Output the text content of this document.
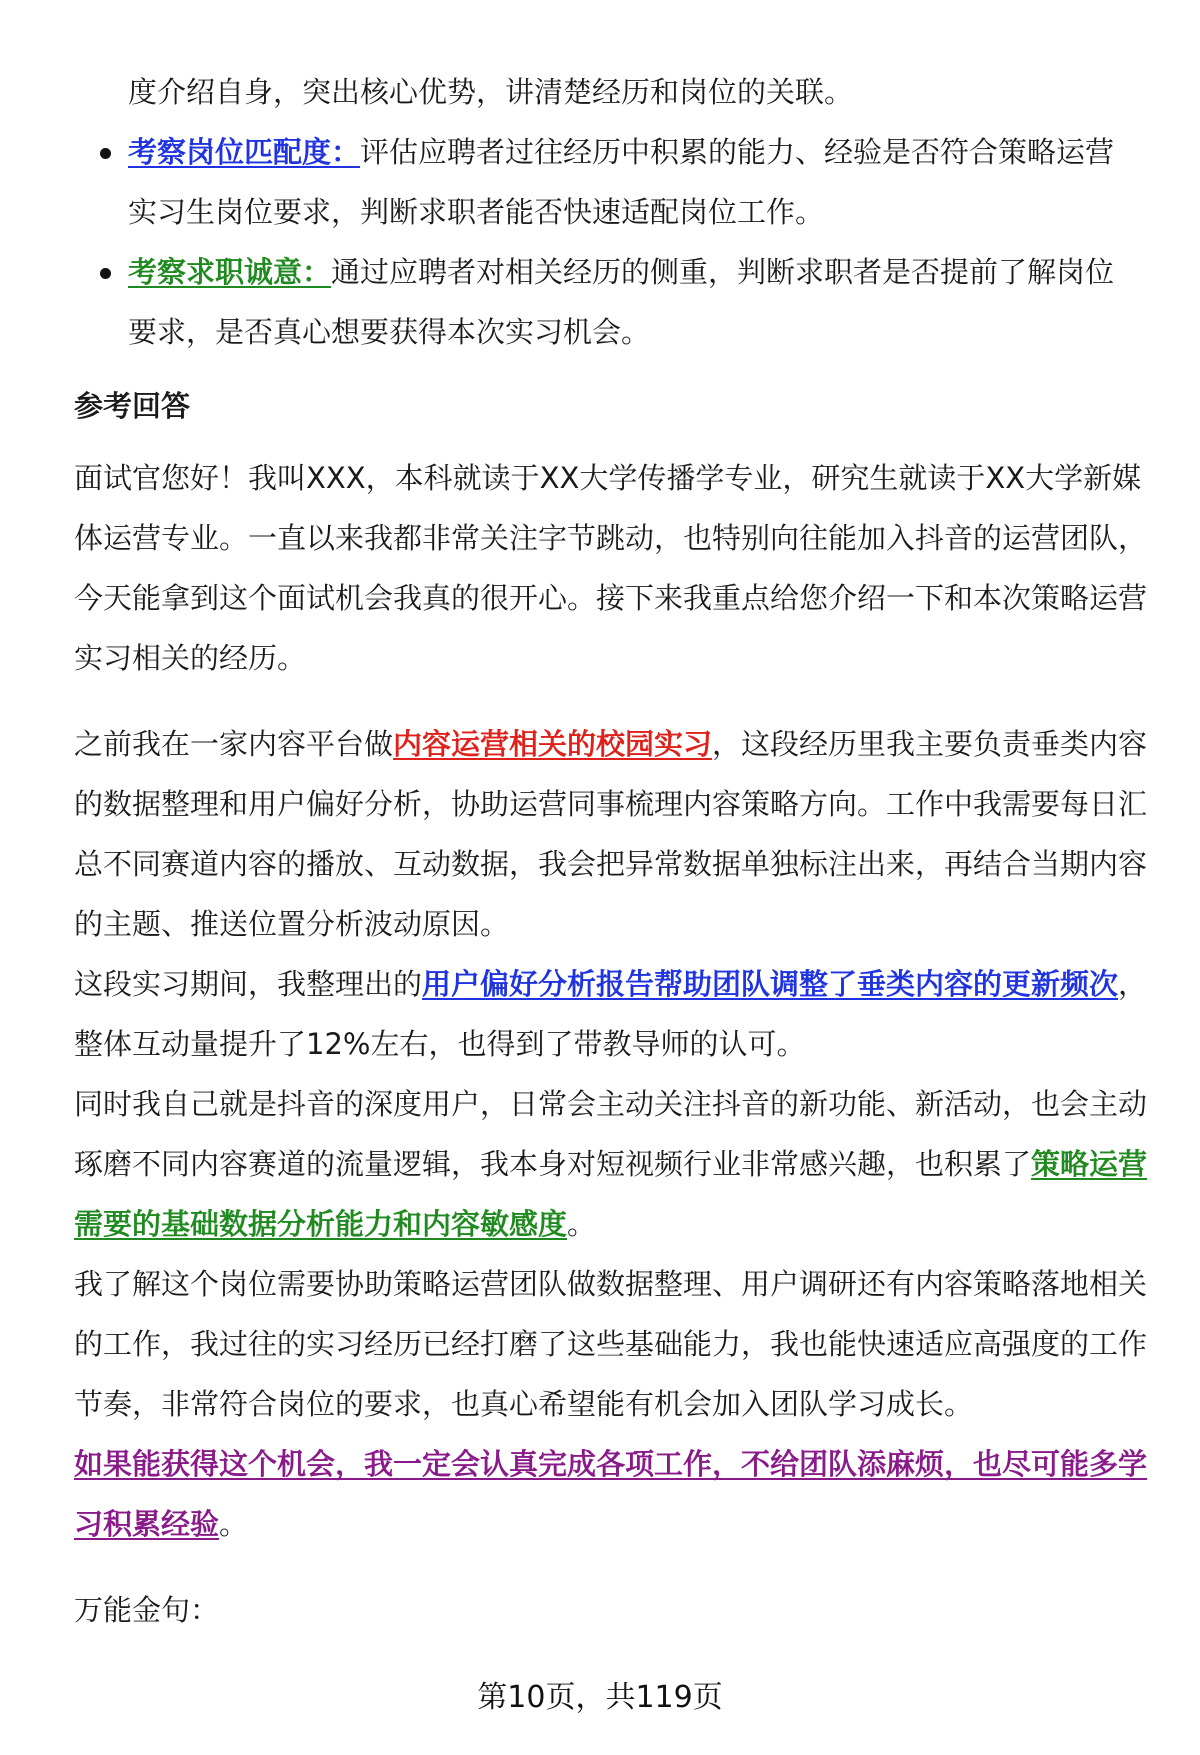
度介绍自身，突出核心优势，讲清楚经历和岗位的关联。

考察岗位匹配度：评估应聘者过往经历中积累的能力、经验是否符合策略运营
实习生岗位要求，判断求职者能否快速适配岗位工作。
考察求职诚意：通过应聘者对相关经历的侧重，判断求职者是否提前了解岗位
要求，是否真心想要获得本次实习机会。

参考回答

面试官您好！我叫XXX，本科就读于XX大学传播学专业，研究生就读于XX大学新媒体运营专业。一直以来我都非常关注字节跳动，也特别向往能加入抖音的运营团队，今天能拿到这个面试机会我真的很开心。接下来我重点给您介绍一下和本次策略运营实习相关的经历。

之前我在一家内容平台做内容运营相关的校园实习，这段经历里我主要负责垂类内容的数据整理和用户偏好分析，协助运营同事梳理内容策略方向。工作中我需要每日汇总不同赛道内容的播放、互动数据，我会把异常数据单独标注出来，再结合当期内容的主题、推送位置分析波动原因。

这段实习期间，我整理出的用户偏好分析报告帮助团队调整了垂类内容的更新频次，整体互动量提升了12%左右，也得到了带教导师的认可。

同时我自己就是抖音的深度用户，日常会主动关注抖音的新功能、新活动，也会主动琢磨不同内容赛道的流量逻辑，我本身对短视频行业非常感兴趣，也积累了策略运营需要的基础数据分析能力和内容敏感度。

我了解这个岗位需要协助策略运营团队做数据整理、用户调研还有内容策略落地相关的工作，我过往的实习经历已经打磨了这些基础能力，我也能快速适应高强度的工作节奏，非常符合岗位的要求，也真心希望能有机会加入团队学习成长。

如果能获得这个机会，我一定会认真完成各项工作，不给团队添麻烦，也尽可能多学习积累经验。

万能金句：

第10页，共119页
